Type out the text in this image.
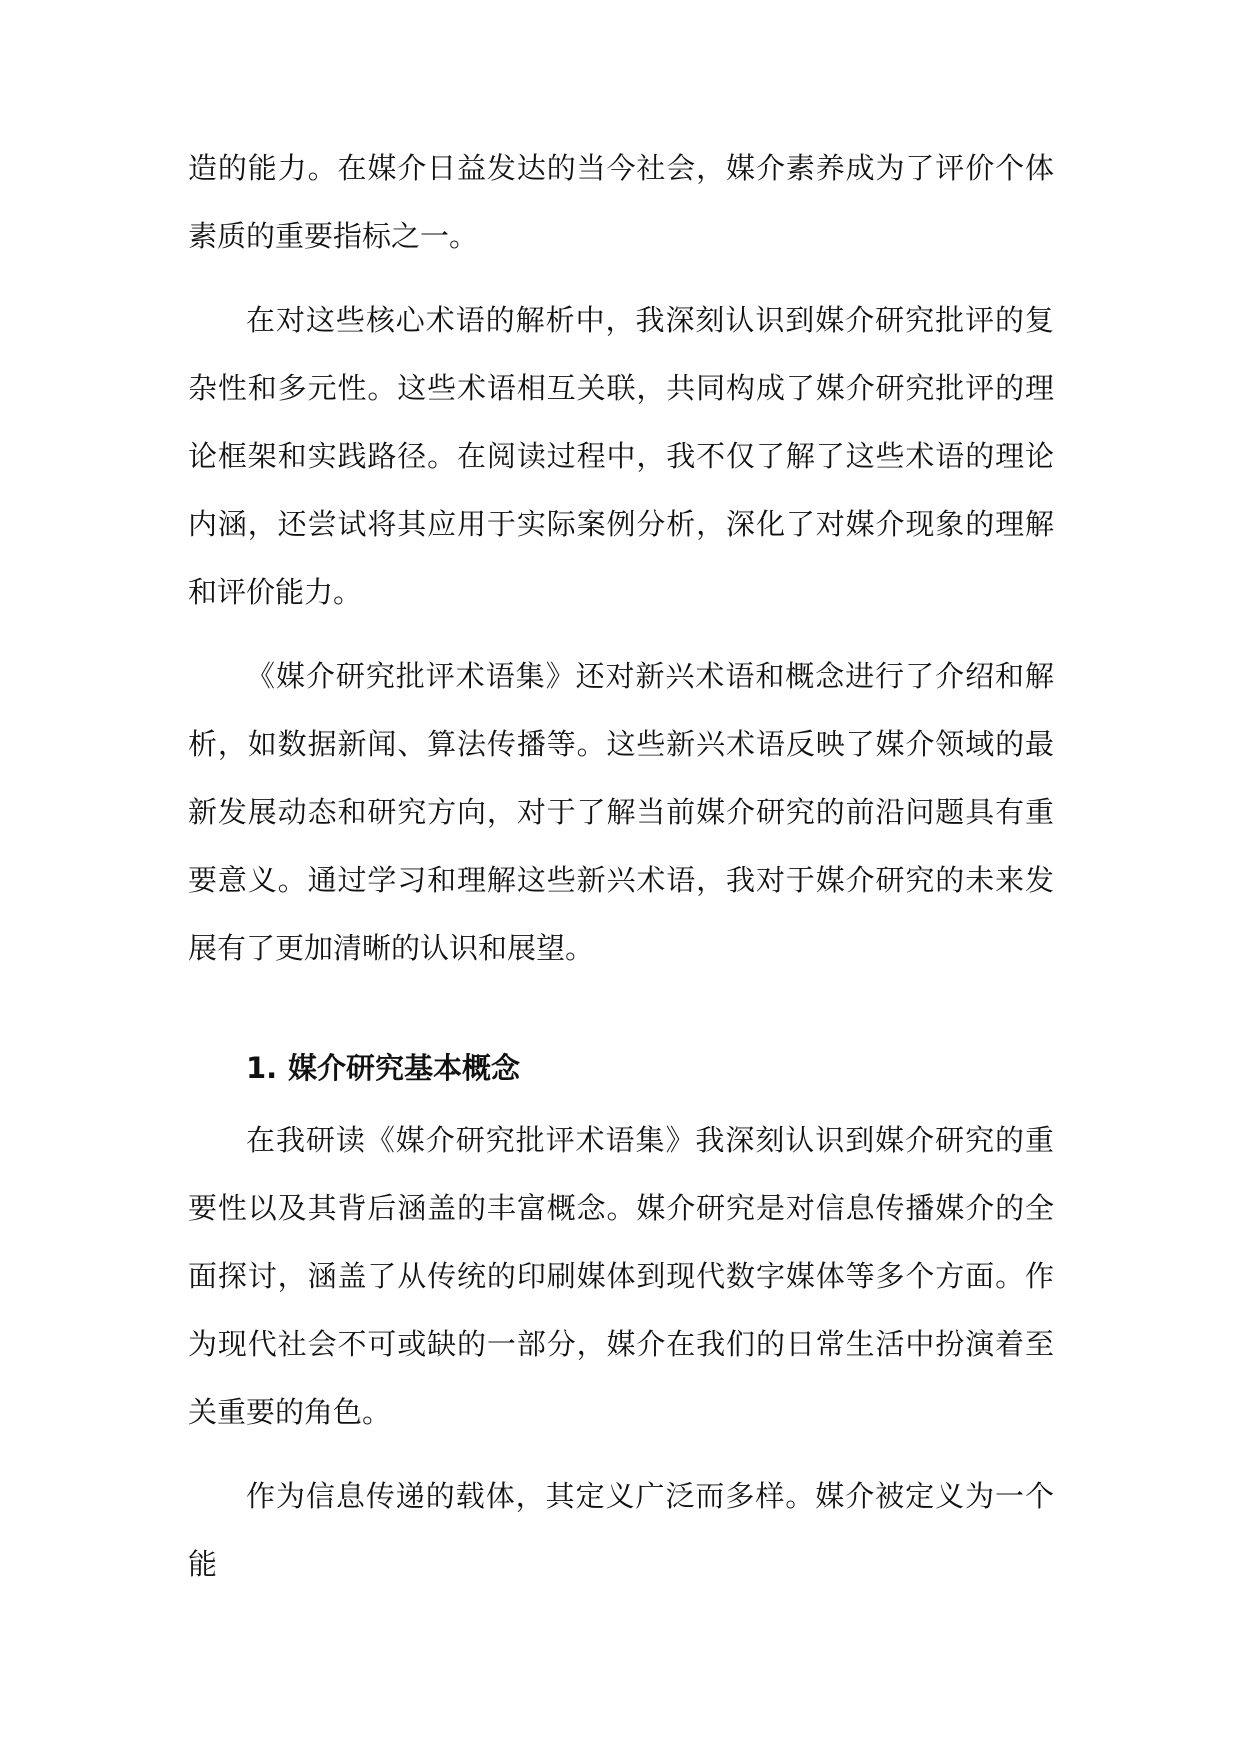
造的能力。在媒介日益发达的当今社会，媒介素养成为了评价个体素质的重要指标之一。

在对这些核心术语的解析中，我深刻认识到媒介研究批评的复杂性和多元性。这些术语相互关联，共同构成了媒介研究批评的理论框架和实践路径。在阅读过程中，我不仅了解了这些术语的理论内涵，还尝试将其应用于实际案例分析，深化了对媒介现象的理解和评价能力。

《媒介研究批评术语集》还对新兴术语和概念进行了介绍和解析，如数据新闻、算法传播等。这些新兴术语反映了媒介领域的最新发展动态和研究方向，对于了解当前媒介研究的前沿问题具有重要意义。通过学习和理解这些新兴术语，我对于媒介研究的未来发展有了更加清晰的认识和展望。

1. 媒介研究基本概念

在我研读《媒介研究批评术语集》我深刻认识到媒介研究的重要性以及其背后涵盖的丰富概念。媒介研究是对信息传播媒介的全面探讨，涵盖了从传统的印刷媒体到现代数字媒体等多个方面。作为现代社会不可或缺的一部分，媒介在我们的日常生活中扮演着至关重要的角色。

作为信息传递的载体，其定义广泛而多样。媒介被定义为一个能
